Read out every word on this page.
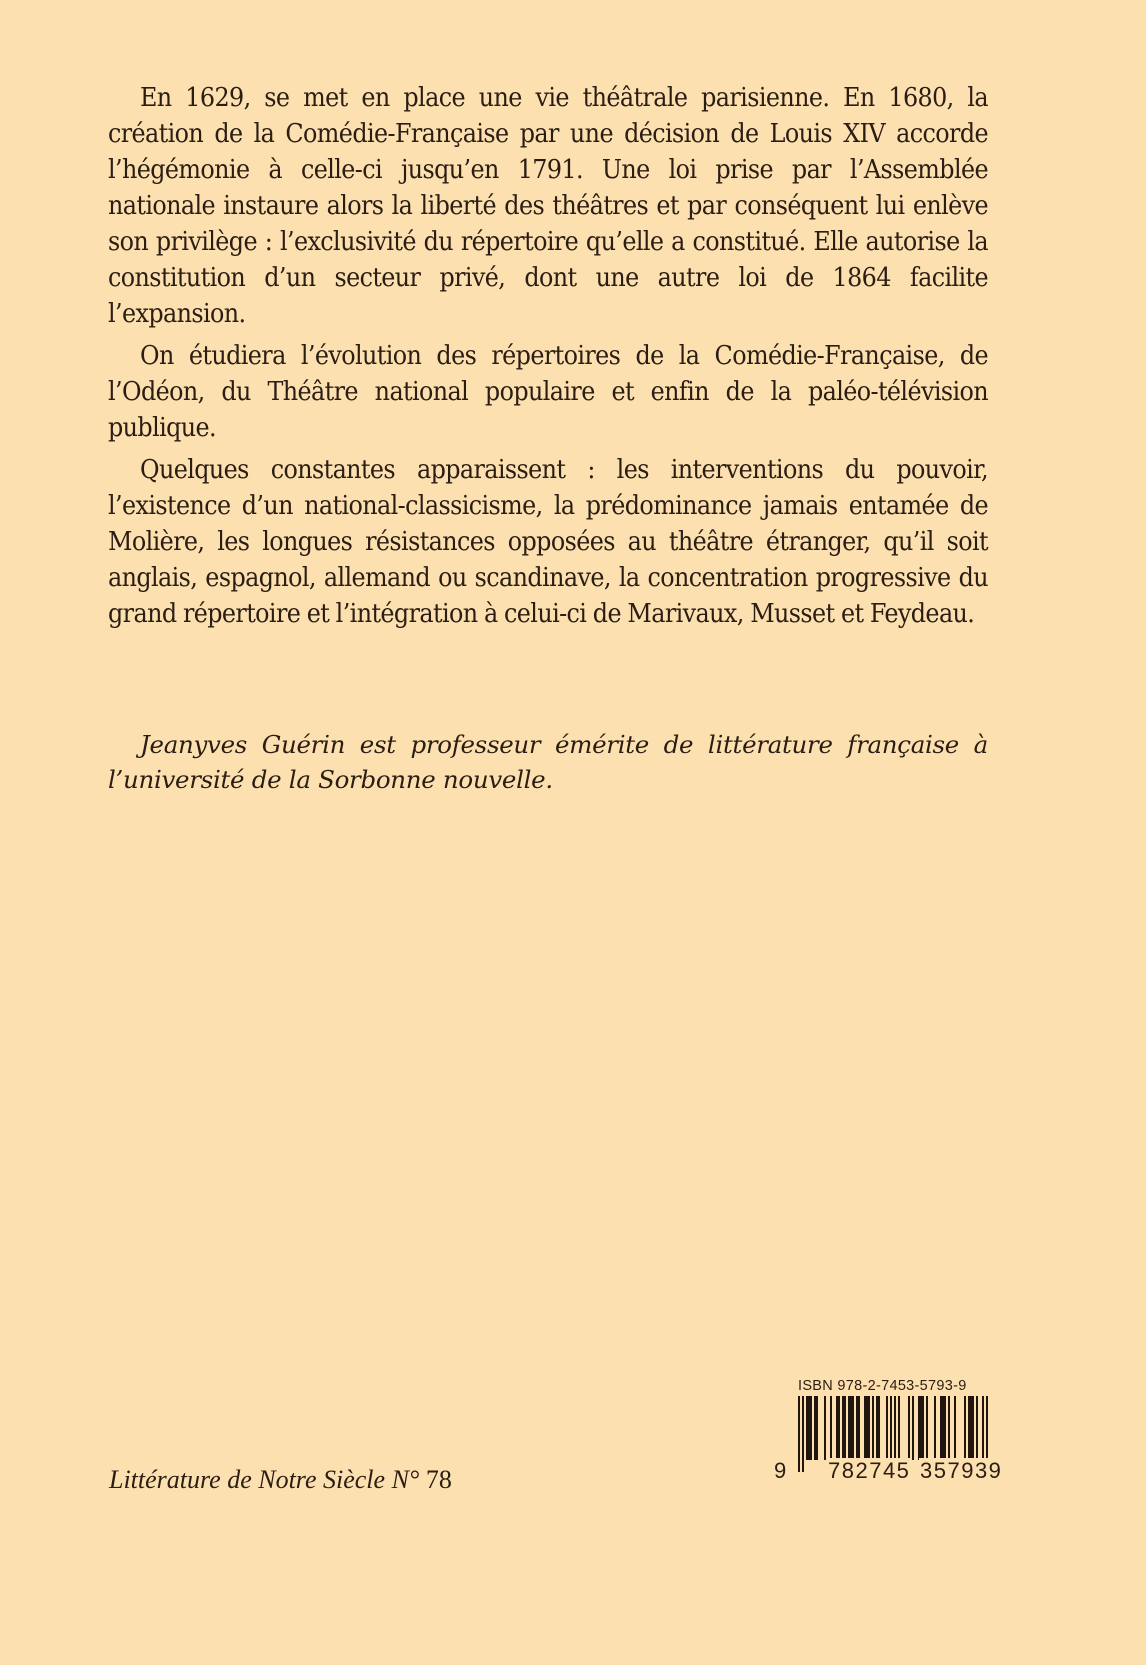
En 1629, se met en place une vie théâtrale parisienne. En 1680, la création de la Comédie-Française par une décision de Louis XIV accorde l’hégémonie à celle-ci jusqu’en 1791. Une loi prise par l’Assemblée nationale instaure alors la liberté des théâtres et par conséquent lui enlève son privilège : l’exclusivité du répertoire qu’elle a constitué. Elle autorise la constitution d’un secteur privé, dont une autre loi de 1864 facilite l’expansion.

On étudiera l’évolution des répertoires de la Comédie-Française, de l’Odéon, du Théâtre national populaire et enfin de la paléo-télévision publique.

Quelques constantes apparaissent : les interventions du pouvoir, l’existence d’un national-classicisme, la prédominance jamais entamée de Molière, les longues résistances opposées au théâtre étranger, qu’il soit anglais, espagnol, allemand ou scandinave, la concentration progressive du grand répertoire et l’intégration à celui-ci de Marivaux, Musset et Feydeau.

Jeanyves Guérin est professeur émérite de littérature française à l’université de la Sorbonne nouvelle.

Littérature de Notre Siècle N° 78

ISBN 978-2-7453-5793-9
9 782745 357939
